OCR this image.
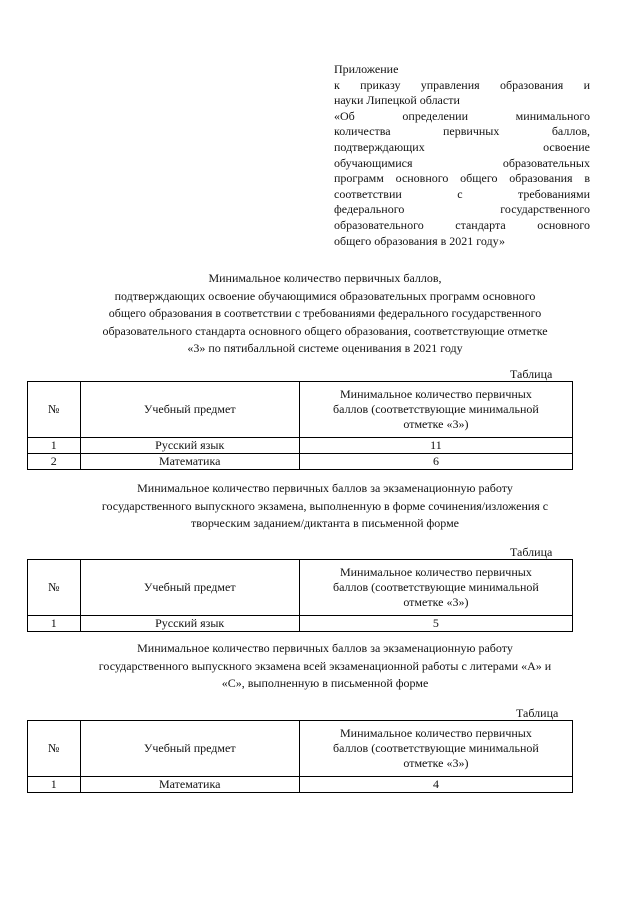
Приложение
к приказу управления образования и
науки Липецкой области
«Об определении минимального
количества первичных баллов,
подтверждающих освоение
обучающимися образовательных
программ основного общего образования в
соответствии с требованиями
федерального государственного
образовательного стандарта основного
общего образования в 2021 году»
Минимальное количество первичных баллов,
подтверждающих освоение обучающимися образовательных программ основного
общего образования в соответствии с требованиями федерального государственного
образовательного стандарта основного общего образования, соответствующие отметке
«3» по пятибалльной системе оценивания в 2021 году
Таблица
№	Учебный предмет	Минимальное количество первичных
баллов (соответствующие минимальной
отметке «3»)

1	Русский язык	11
2	Математика	6
Минимальное количество первичных баллов за экзаменационную работу
государственного выпускного экзамена, выполненную в форме сочинения/изложения с
творческим заданием/диктанта в письменной форме
Таблица
№	Учебный предмет	Минимальное количество первичных
баллов (соответствующие минимальной
отметке «3»)

1	Русский язык	5
Минимальное количество первичных баллов за экзаменационную работу
государственного выпускного экзамена всей экзаменационной работы с литерами «А» и
«С», выполненную в письменной форме
Таблица
№	Учебный предмет	Минимальное количество первичных
баллов (соответствующие минимальной
отметке «3»)

1	Математика	4
